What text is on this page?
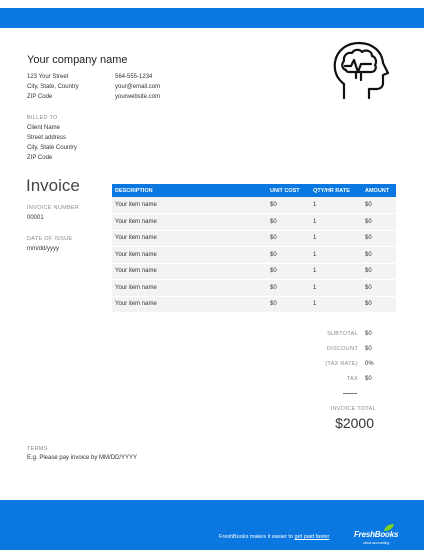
Your company name
123 Your Street
City, State, Country
ZIP Code
564-555-1234
your@email.com
yourwebsite.com
BILLED TO
Client Name
Street address
City, State Country
ZIP Code
Invoice
INVOICE NUMBER
00001
DATE OF ISSUE
mm/dd/yyyy
DESCRIPTION	UNIT COST	QTY/HR RATE	AMOUNT
Your item name	$0	1	$0
Your item name	$0	1	$0
Your item name	$0	1	$0
Your item name	$0	1	$0
Your item name	$0	1	$0
Your item name	$0	1	$0
Your item name	$0	1	$0
SUBTOTAL $0
DISCOUNT $0
(TAX RATE) 0%
TAX $0
INVOICE TOTAL
$2000
TERMS
E.g. Please pay invoice by MM/DD/YYYY
FreshBooks makes it easier to get paid faster	FreshBooks
cloud accounting
